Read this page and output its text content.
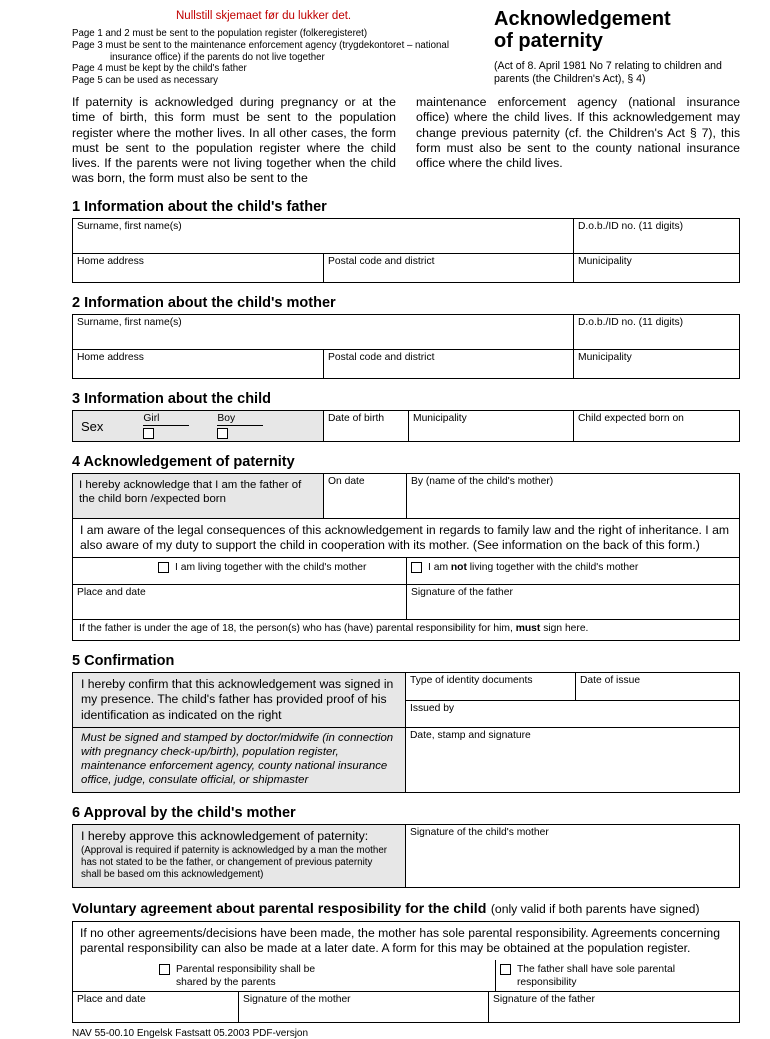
Nullstill skjemaet før du lukker det.
Page 1 and 2 must be sent to the population register (folkeregisteret)
Page 3 must be sent to the maintenance enforcement agency (trygdekontoret – national insurance office) if the parents do not live together
Page 4 must be kept by the child's father
Page 5 can be used as necessary
Acknowledgement
of paternity
(Act of 8. April 1981 No 7 relating to children and parents (the Children's Act), § 4)

If paternity is acknowledged during pregnancy or at the time of birth, this form must be sent to the population register where the mother lives. In all other cases, the form must be sent to the population register where the child lives. If the parents were not living together when the child was born, the form must also be sent to the

maintenance enforcement agency (national insurance office) where the child lives. If this acknowledgement may change previous paternity (cf. the Children's Act § 7), this form must also be sent to the county national insurance office where the child lives.

1 Information about the child's father
Surname, first name(s)	D.o.b./ID no. (11 digits)
Home address	Postal code and district	Municipality
2 Information about the child's mother
Surname, first name(s)	D.o.b./ID no. (11 digits)
Home address	Postal code and district	Municipality
3 Information about the child
Sex
Girl	Boy	Date of birth	Municipality	Child expected born on
4 Acknowledgement of paternity
I hereby acknowledge that I am the father of the child born /expected born
On date	By (name of the child's mother)
I am aware of the legal consequences of this acknowledgement in regards to family law and the right of inheritance. I am also aware of my duty to support the child in cooperation with its mother. (See information on the back of this form.)
I am living together with the child's mother	I am not living together with the child's mother
Place and date	Signature of the father
If the father is under the age of 18, the person(s) who has (have) parental responsibility for him, must sign here.
5 Confirmation
I hereby confirm that this acknowledgement was signed in my presence. The child's father has provided proof of his identification as indicated on the right
Must be signed and stamped by doctor/midwife (in connection with pregnancy check-up/birth), population register, maintenance enforcement agency, county national insurance office, judge, consulate official, or shipmaster
Type of identity documents	Date of issue
Issued by
Date, stamp and signature
6 Approval by the child's mother
I hereby approve this acknowledgement of paternity:
(Approval is required if paternity is acknowledged by a man the mother has not stated to be the father, or changement of previous paternity shall be based om this acknowledgement)
Signature of the child's mother
Voluntary agreement about parental resposibility for the child (only valid if both parents have signed)
If no other agreements/decisions have been made, the mother has sole parental responsibility. Agreements concerning parental responsibility can also be made at a later date. A form for this may be obtained at the population register.
Parental responsibility shall be shared by the parents
The father shall have sole parental responsibility
Place and date	Signature of the mother	Signature of the father
NAV 55-00.10 Engelsk Fastsatt 05.2003 PDF-versjon
